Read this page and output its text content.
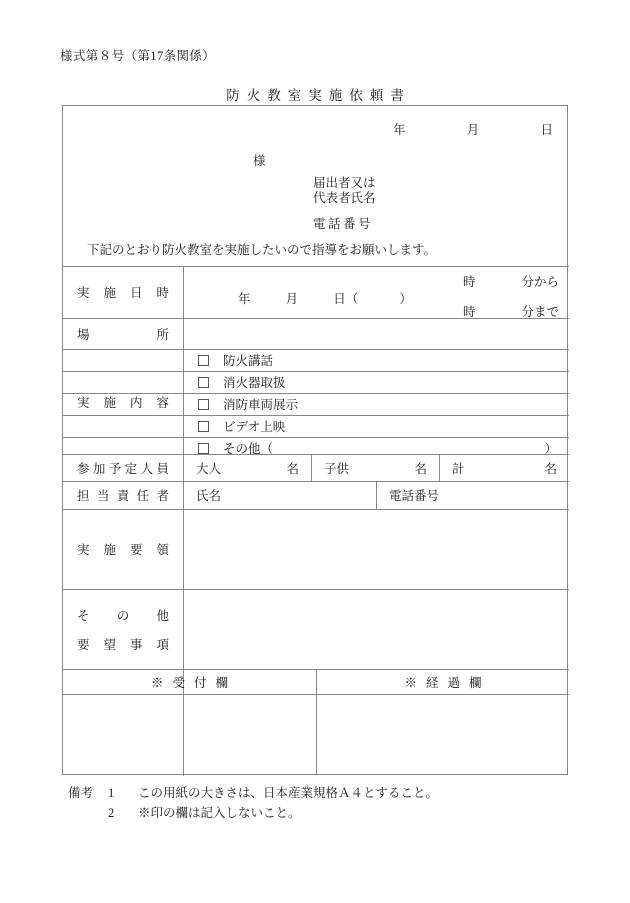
様式第８号（第17条関係）
防火教室実施依頼書
年	月	日
様
届出者又は
代表者氏名
電話番号
下記のとおり防火教室を実施したいので指導をお願いします。
実 施 日 時	年	月	日（	）
時	分から
時	分まで
場	所
実 施 内 容
防火講話
消火器取扱
消防車両展示
ビデオ上映
その他（	）
参 加 予 定 人 員 大人	名 子供	名 計	名
担 当 責 任 者 氏名	電話番号
実 施 要 領
そ の 他
要 望 事 項
※受付欄	※経過欄
備考	1	この用紙の大きさは、日本産業規格Ａ４とすること。
2	※印の欄は記入しないこと。
